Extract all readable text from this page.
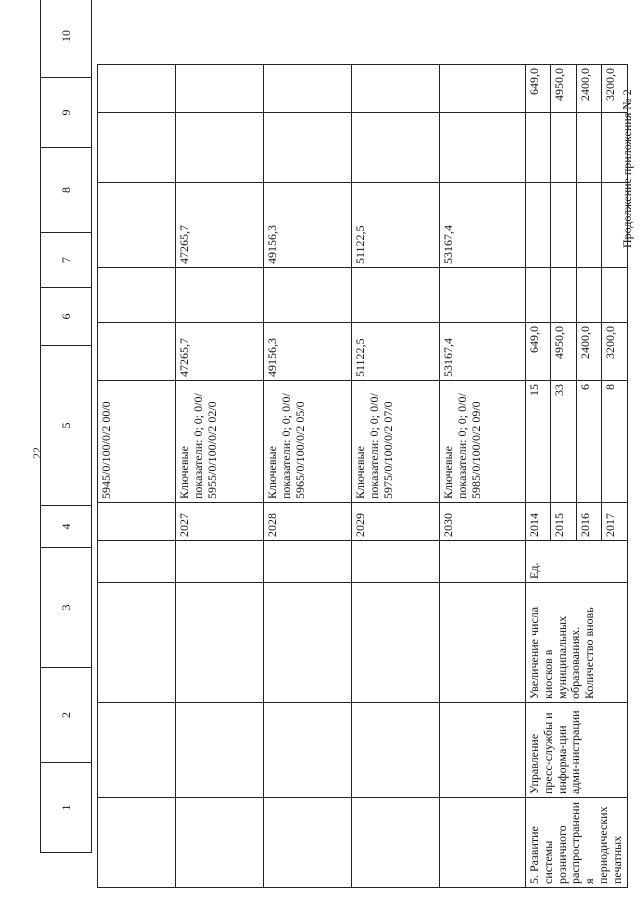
22
Продолжение приложения № 2
1	2	3	4	5	6	7	8	9	10
					5945/0/100/0/2 00/0					
				2027	Ключевые показатели: 0; 0; 0/0/ 5955/0/100/0/2 02/0	47265,7		47265,7		
				2028	Ключевые показатели: 0; 0; 0/0/ 5965/0/100/0/2 05/0	49156,3		49156,3		
				2029	Ключевые показатели: 0; 0; 0/0/ 5975/0/100/0/2 07/0	51122,5		51122,5		
				2030	Ключевые показатели: 0; 0; 0/0/ 5985/0/100/0/2 09/0	53167,4		53167,4		
5. Развитие системы розничного распространения периодических печатных	Управление пресс-службы и информа-ции адми-нистрации	Увеличение числа киосков в муниципальных образованиях. Количество вновь	Ед.	2014	15	649,0				649,0
				2015	33	4950,0				4950,0
				2016	6	2400,0				2400,0
				2017	8	3200,0				3200,0
